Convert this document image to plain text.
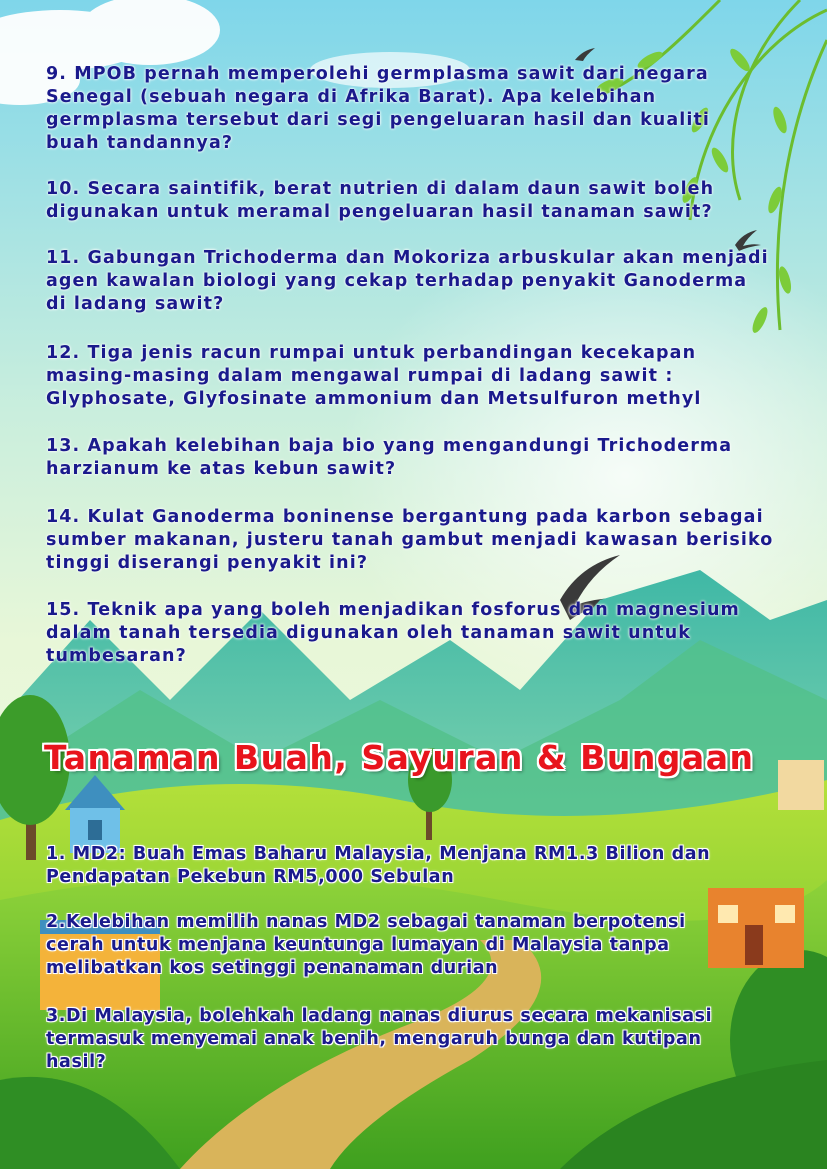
9. MPOB pernah memperolehi germplasma sawit dari negara
Senegal (sebuah negara di Afrika Barat). Apa kelebihan
germplasma tersebut dari segi pengeluaran hasil dan kualiti
buah tandannya?

10. Secara saintifik, berat nutrien di dalam daun sawit boleh
digunakan untuk meramal pengeluaran hasil tanaman sawit?

11. Gabungan Trichoderma dan Mokoriza arbuskular akan menjadi
agen kawalan biologi yang cekap terhadap penyakit Ganoderma
di ladang sawit?

12. Tiga jenis racun rumpai untuk perbandingan kecekapan
masing-masing dalam mengawal rumpai di ladang sawit :
Glyphosate, Glyfosinate ammonium dan Metsulfuron methyl

13. Apakah kelebihan baja bio yang mengandungi Trichoderma
harzianum ke atas kebun sawit?

14. Kulat Ganoderma boninense bergantung pada karbon sebagai
sumber makanan, justeru tanah gambut menjadi kawasan berisiko
tinggi diserangi penyakit ini?

15. Teknik apa yang boleh menjadikan fosforus dan magnesium
dalam tanah tersedia digunakan oleh tanaman sawit untuk
tumbesaran?

Tanaman Buah, Sayuran & Bungaan

1. MD2: Buah Emas Baharu Malaysia, Menjana RM1.3 Bilion dan
Pendapatan Pekebun RM5,000 Sebulan

2.Kelebihan memilih nanas MD2 sebagai tanaman berpotensi
cerah untuk menjana keuntunga lumayan di Malaysia tanpa
melibatkan kos setinggi penanaman durian

3.Di Malaysia, bolehkah ladang nanas diurus secara mekanisasi
termasuk menyemai anak benih, mengaruh bunga dan kutipan
hasil?
